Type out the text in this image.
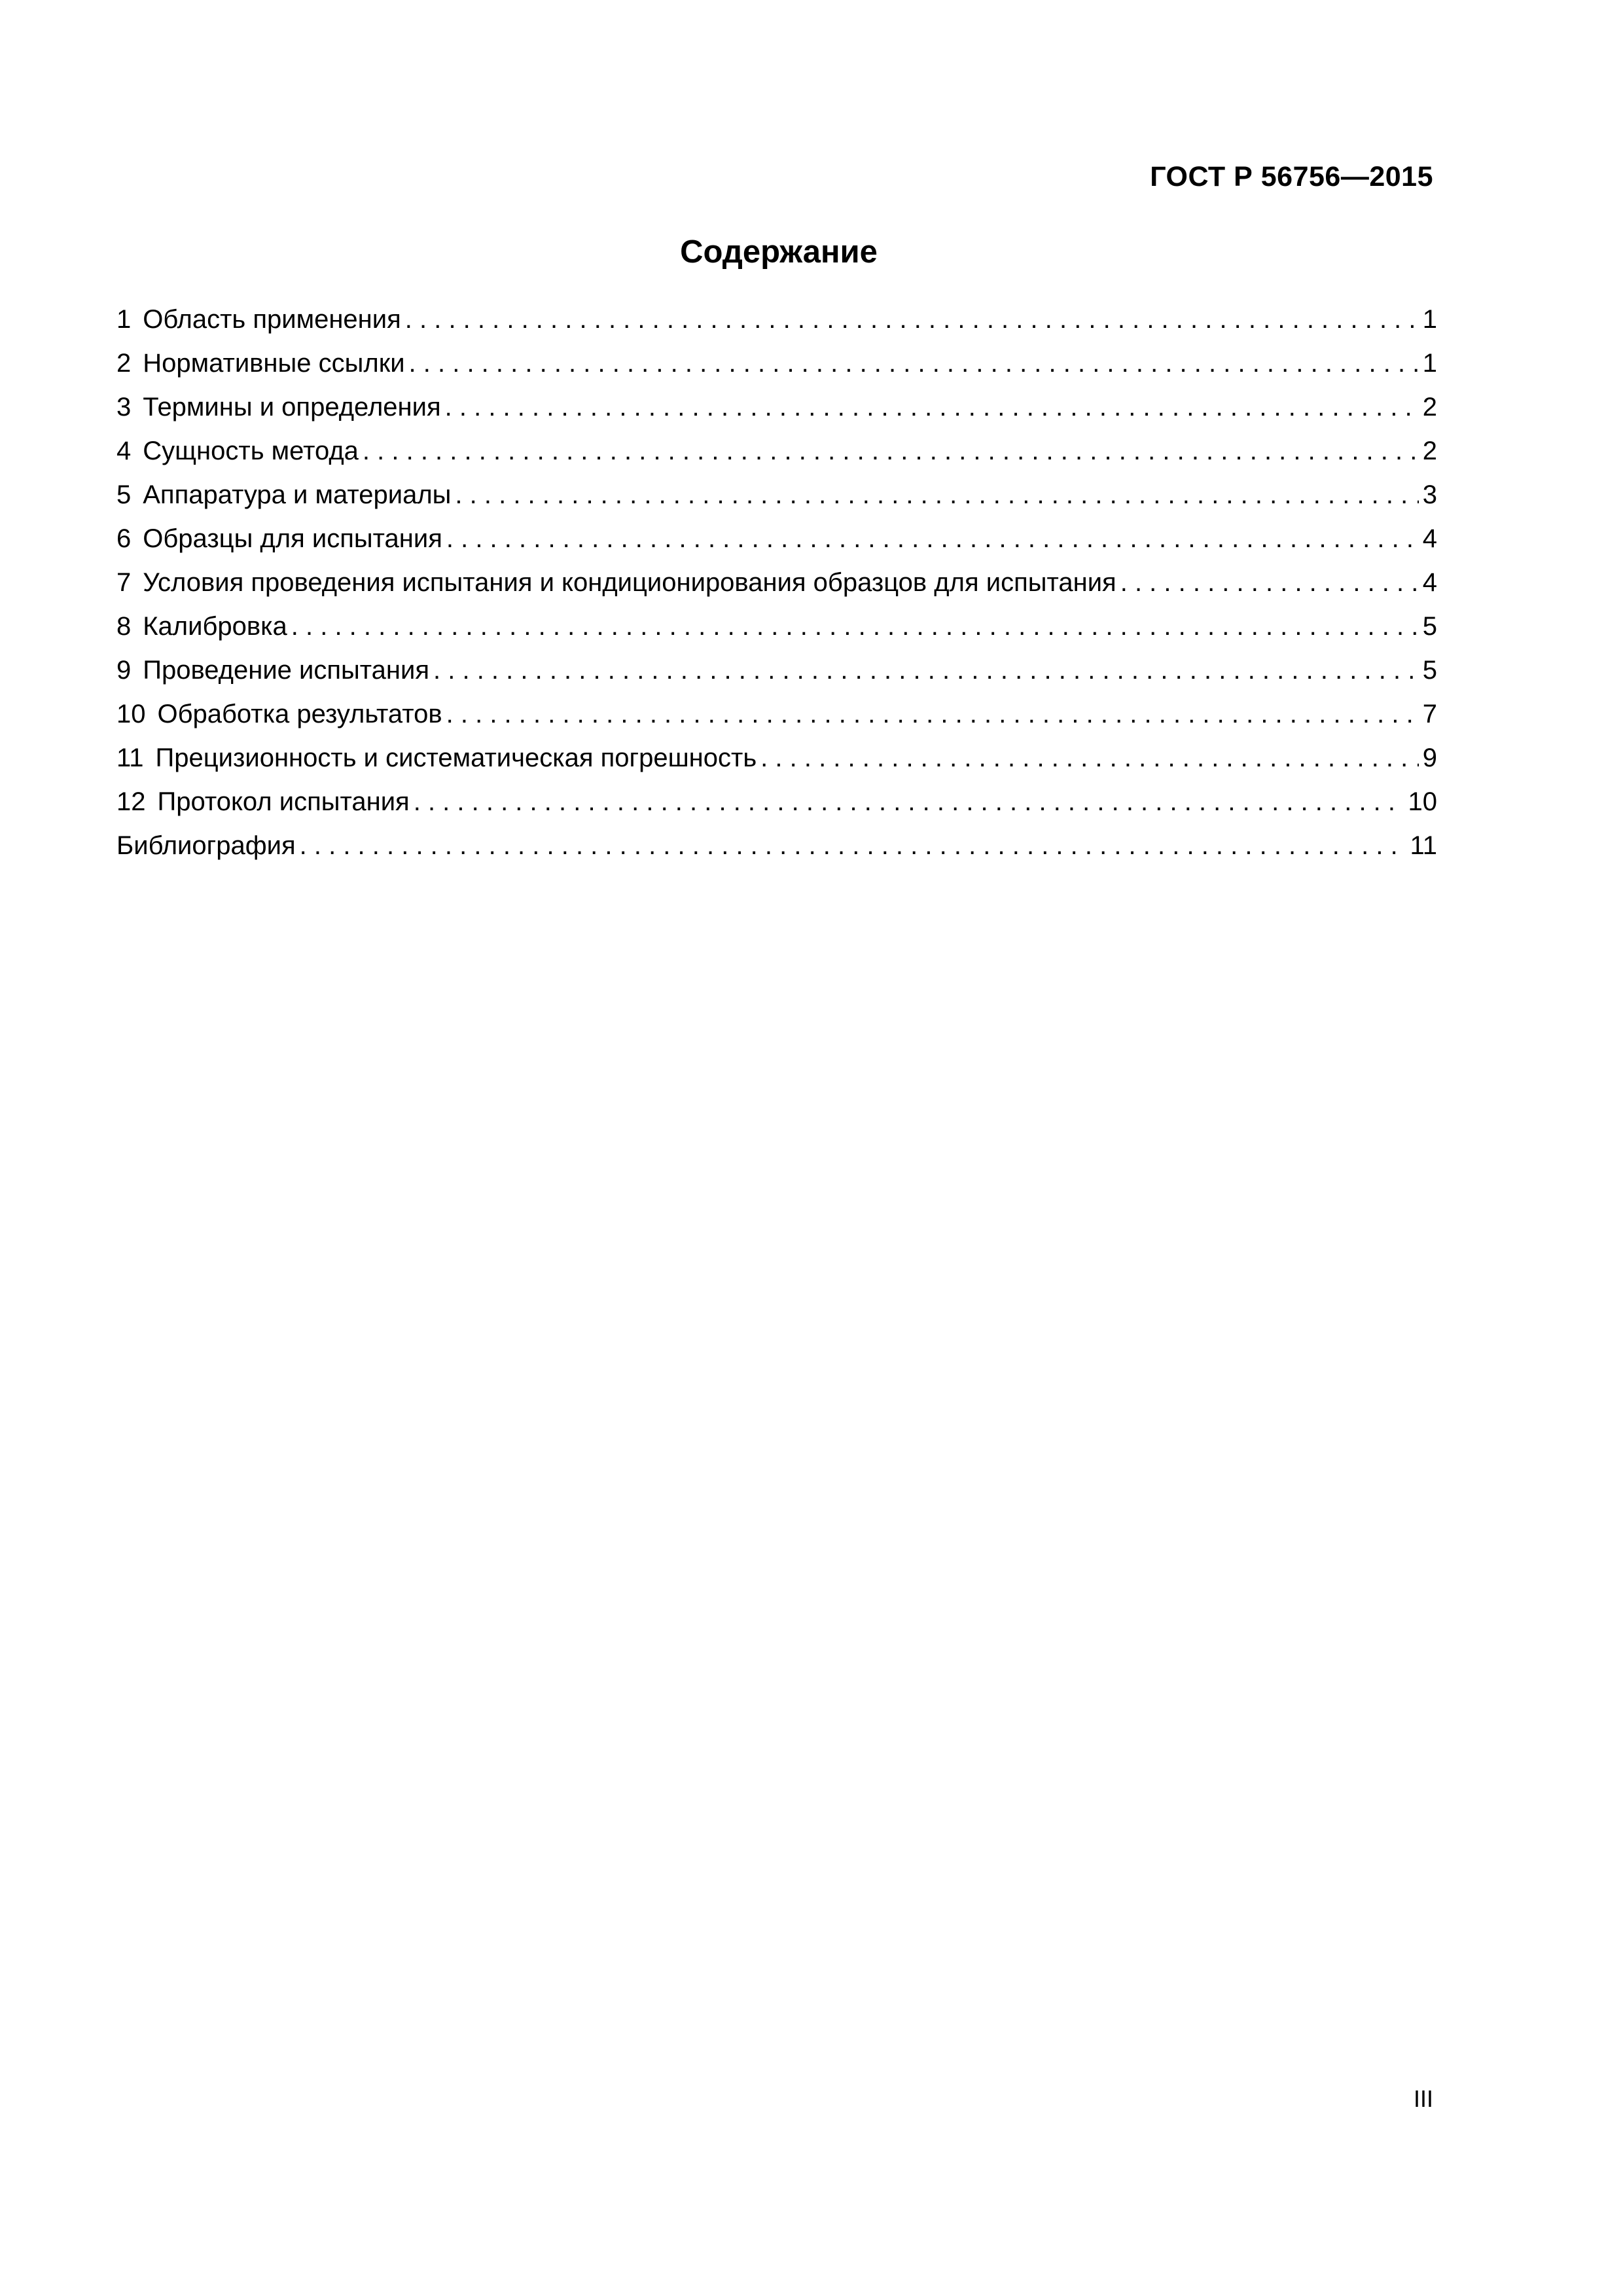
ГОСТ Р 56756—2015
Содержание
1 Область применения . . .	1
2 Нормативные ссылки . . .	1
3 Термины и определения . . .	2
4 Сущность метода . . .	2
5 Аппаратура и материалы . . .	3
6 Образцы для испытания . . .	4
7 Условия проведения испытания и кондиционирования образцов для испытания . . .	4
8 Калибровка . . .	5
9 Проведение испытания . . .	5
10 Обработка результатов . . .	7
11 Прецизионность и систематическая погрешность . . .	9
12 Протокол испытания . . .	10
Библиография . . .	11
III
